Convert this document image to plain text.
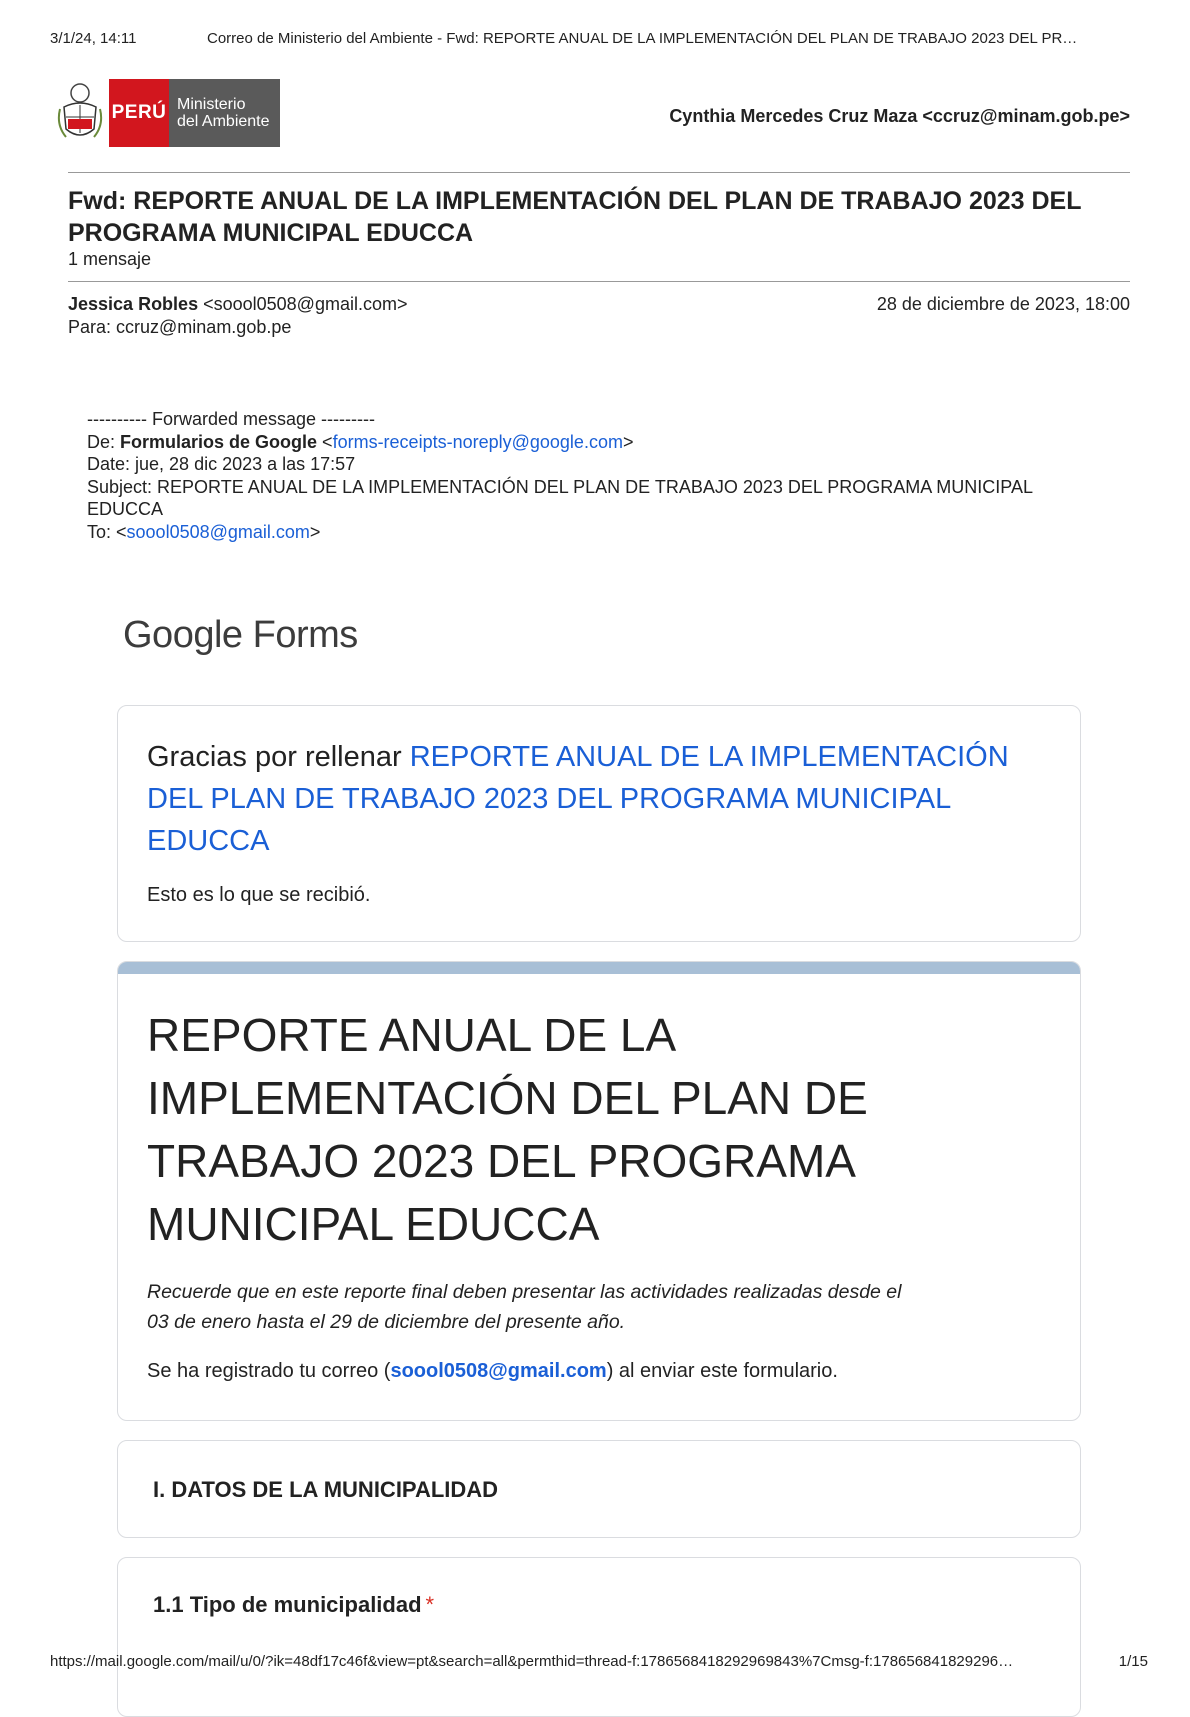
3/1/24, 14:11	Correo de Ministerio del Ambiente - Fwd: REPORTE ANUAL DE LA IMPLEMENTACIÓN DEL PLAN DE TRABAJO 2023 DEL PR…
PERÚ Ministerio
del Ambiente	Cynthia Mercedes Cruz Maza <ccruz@minam.gob.pe>
Fwd: REPORTE ANUAL DE LA IMPLEMENTACIÓN DEL PLAN DE TRABAJO 2023 DEL PROGRAMA MUNICIPAL EDUCCA
1 mensaje
Jessica Robles <soool0508@gmail.com>	28 de diciembre de 2023, 18:00
Para: ccruz@minam.gob.pe
---------- Forwarded message ---------
De: Formularios de Google <forms-receipts-noreply@google.com>
Date: jue, 28 dic 2023 a las 17:57
Subject: REPORTE ANUAL DE LA IMPLEMENTACIÓN DEL PLAN DE TRABAJO 2023 DEL PROGRAMA MUNICIPAL EDUCCA
To: <soool0508@gmail.com>
Google Forms
Gracias por rellenar REPORTE ANUAL DE LA IMPLEMENTACIÓN DEL PLAN DE TRABAJO 2023 DEL PROGRAMA MUNICIPAL EDUCCA
Esto es lo que se recibió.
REPORTE ANUAL DE LA IMPLEMENTACIÓN DEL PLAN DE TRABAJO 2023 DEL PROGRAMA MUNICIPAL EDUCCA
Recuerde que en este reporte final deben presentar las actividades realizadas desde el 03 de enero hasta el 29 de diciembre del presente año.
Se ha registrado tu correo (soool0508@gmail.com) al enviar este formulario.
I. DATOS DE LA MUNICIPALIDAD
1.1 Tipo de municipalidad *
https://mail.google.com/mail/u/0/?ik=48df17c46f&view=pt&search=all&permthid=thread-f:1786568418292969843%7Cmsg-f:178656841829296…	1/15
